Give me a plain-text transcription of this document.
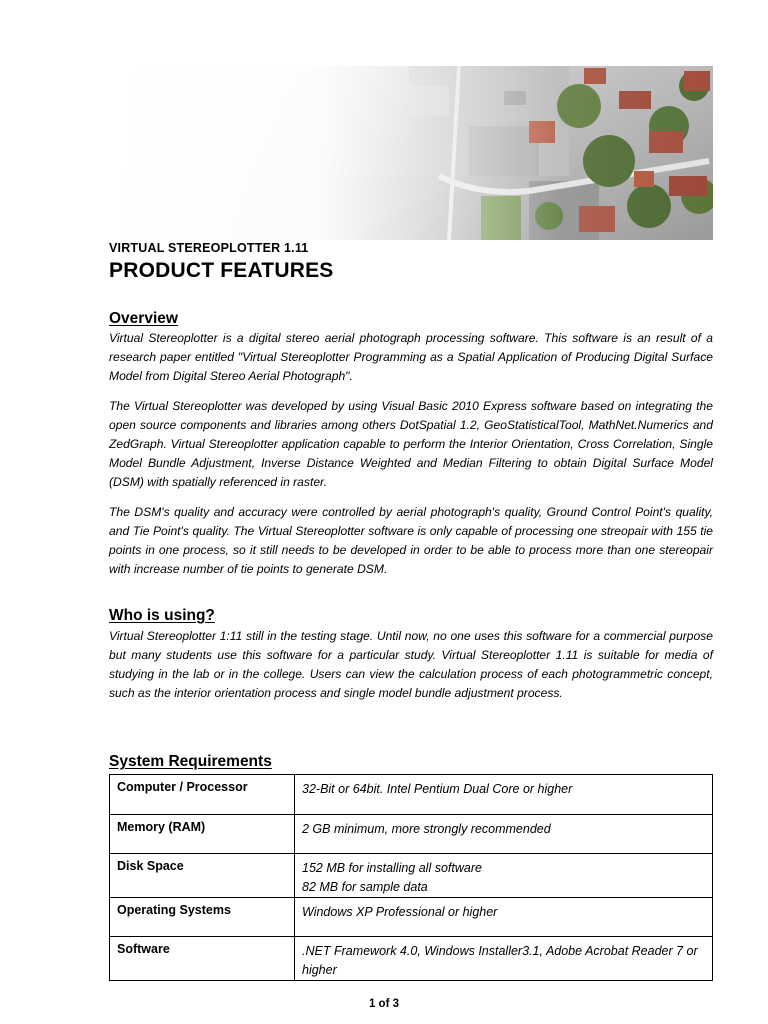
VIRTUAL STEREOPLOTTER 1.11
PRODUCT FEATURES
Overview

Virtual Stereoplotter is a digital stereo aerial photograph processing software. This software is an result of a research paper entitled "Virtual Stereoplotter Programming as a Spatial Application of Producing Digital Surface Model from Digital Stereo Aerial Photograph".

The Virtual Stereoplotter was developed by using Visual Basic 2010 Express software based on integrating the open source components and libraries among others DotSpatial 1.2, GeoStatisticalTool, MathNet.Numerics and ZedGraph. Virtual Stereoplotter application capable to perform the Interior Orientation, Cross Correlation, Single Model Bundle Adjustment, Inverse Distance Weighted and Median Filtering to obtain Digital Surface Model (DSM) with spatially referenced in raster.

The DSM's quality and accuracy were controlled by aerial photograph's quality, Ground Control Point's quality, and Tie Point's quality. The Virtual Stereoplotter software is only capable of processing one streopair with 155 tie points in one process, so it still needs to be developed in order to be able to process more than one stereopair with increase number of tie points to generate DSM.

Who is using?

Virtual Stereoplotter 1:11 still in the testing stage. Until now, no one uses this software for a commercial purpose but many students use this software for a particular study. Virtual Stereoplotter 1.11 is suitable for media of studying in the lab or in the college. Users can view the calculation process of each photogrammetric concept, such as the interior orientation process and single model bundle adjustment process.

System Requirements
Computer / Processor	32-Bit or 64bit. Intel Pentium Dual Core or higher

Memory (RAM)	2 GB minimum, more strongly recommended

Disk Space	152 MB for installing all software
82 MB for sample data

Operating Systems	Windows XP Professional or higher

Software	.NET Framework 4.0, Windows Installer3.1, Adobe Acrobat Reader 7 or higher
1 of 3
